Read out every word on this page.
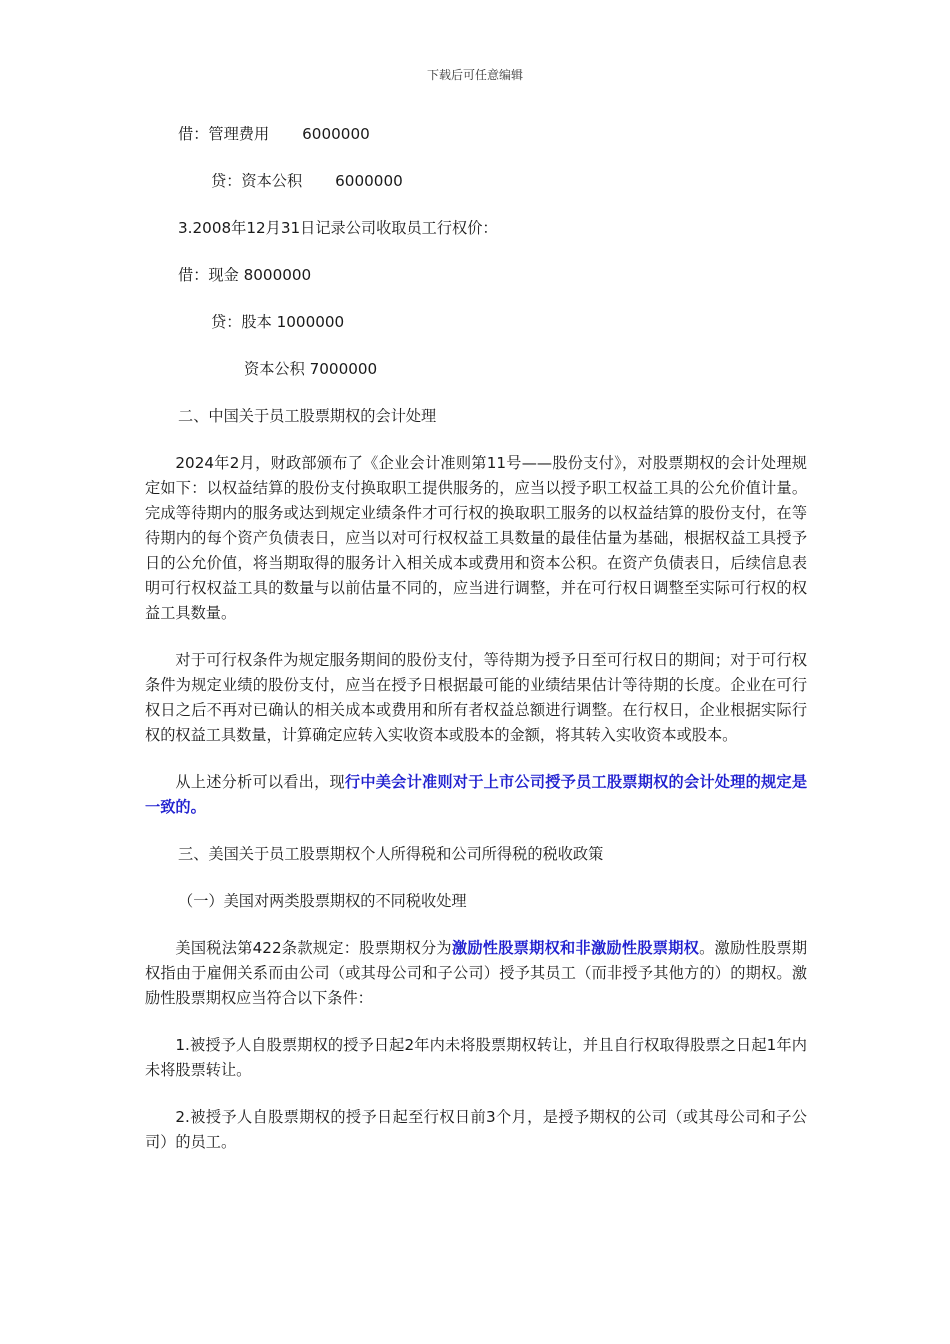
下载后可任意编辑

借：管理费用 6000000

贷：资本公积 6000000

3.2008年12月31日记录公司收取员工行权价：

借：现金 8000000

贷：股本 1000000

资本公积 7000000

二、中国关于员工股票期权的会计处理

2024年2月，财政部颁布了《企业会计准则第11号——股份支付》，对股票期权的会计处理规定如下：以权益结算的股份支付换取职工提供服务的，应当以授予职工权益工具的公允价值计量。完成等待期内的服务或达到规定业绩条件才可行权的换取职工服务的以权益结算的股份支付，在等待期内的每个资产负债表日，应当以对可行权权益工具数量的最佳估量为基础，根据权益工具授予日的公允价值，将当期取得的服务计入相关成本或费用和资本公积。在资产负债表日，后续信息表明可行权权益工具的数量与以前估量不同的，应当进行调整，并在可行权日调整至实际可行权的权益工具数量。

对于可行权条件为规定服务期间的股份支付，等待期为授予日至可行权日的期间；对于可行权条件为规定业绩的股份支付，应当在授予日根据最可能的业绩结果估计等待期的长度。企业在可行权日之后不再对已确认的相关成本或费用和所有者权益总额进行调整。在行权日，企业根据实际行权的权益工具数量，计算确定应转入实收资本或股本的金额，将其转入实收资本或股本。

从上述分析可以看出，现行中美会计准则对于上市公司授予员工股票期权的会计处理的规定是一致的。

三、美国关于员工股票期权个人所得税和公司所得税的税收政策

（一）美国对两类股票期权的不同税收处理

美国税法第422条款规定：股票期权分为激励性股票期权和非激励性股票期权。激励性股票期权指由于雇佣关系而由公司（或其母公司和子公司）授予其员工（而非授予其他方的）的期权。激励性股票期权应当符合以下条件：

1.被授予人自股票期权的授予日起2年内未将股票期权转让，并且自行权取得股票之日起1年内未将股票转让。

2.被授予人自股票期权的授予日起至行权日前3个月，是授予期权的公司（或其母公司和子公司）的员工。
